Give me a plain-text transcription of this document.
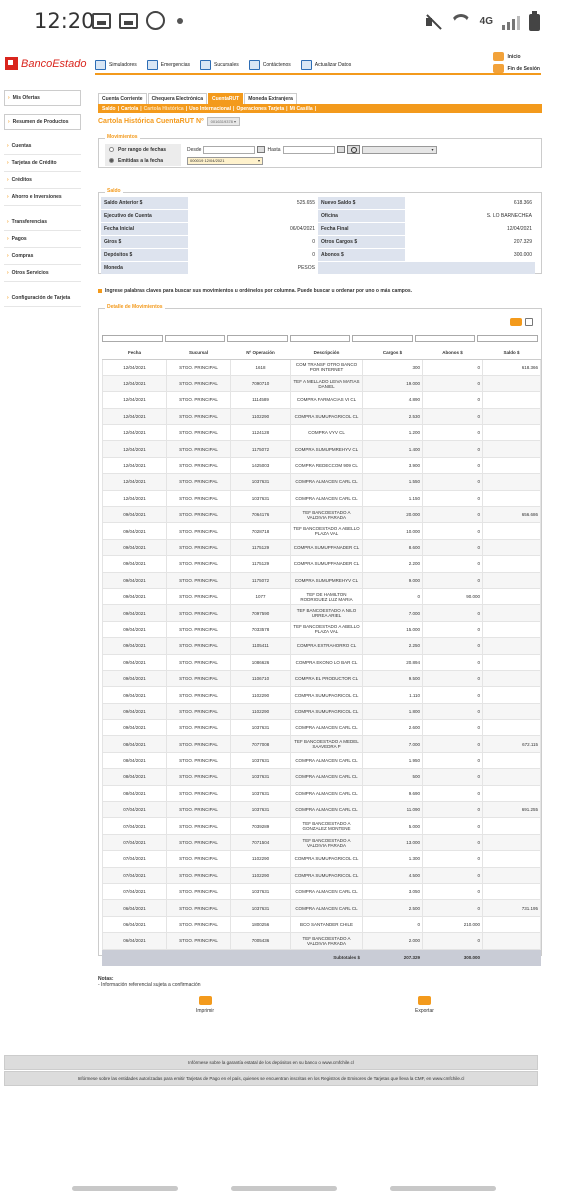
12:20	4G
BancoEstado	Simuladores	Emergencias	Sucursales	Contáctenos	Actualizar Datos
Inicio
Fin de Sesión
› Mis Ofertas
› Resumen de Productos
› Cuentas
› Tarjetas de Crédito
› Créditos
› Ahorro e Inversiones
› Transferencias
› Pagos
› Compras
› Otros Servicios
› Configuración de Tarjeta
Cuenta Corriente	Chequera Electrónica	CuentaRUT	Moneda Extranjera
Saldo | Cartola | Cartola Histórica | Uso Internacional | Operaciones Tarjeta | Mi Casilla |
Cartola Histórica CuentaRUT Nº	0016319378 ▾
Movimientos
Por rango de fechas
Emitidas a la fecha
Desde	Hasta	▾
000019 12/04/2021	▾
Saldo
Saldo Anterior $	525.655	Nuevo Saldo $	618.366
Ejecutivo de Cuenta	Oficina	S. LO BARNECHEA
Fecha Inicial	06/04/2021	Fecha Final	12/04/2021
Giros $	0	Otros Cargos $	207.329
Depósitos $	0	Abonos $	300.000
Moneda	PESOS
Ingrese palabras claves para buscar sus movimientos u ordénelos por columna. Puede buscar u ordenar por uno o más campos.
Detalle de Movimientos
Fecha	Sucursal	Nº Operación	Descripción	Cargos $	Abonos $	Saldo $
12/04/2021	STGO. PRINCIPAL	1618	COM TRANSF OTRO BANCO POR INTERNET	300	0	618.366
12/04/2021	STGO. PRINCIPAL	7090710	TEF A MELLADO LEIVA MATIAS DANIEL	19.000	0	
12/04/2021	STGO. PRINCIPAL	1114589	COMPRA FARMACIAS VI CL	4.890	0	
12/04/2021	STGO. PRINCIPAL	1102290	COMPRA SUMUPAGRICOL CL	2.530	0	
12/04/2021	STGO. PRINCIPAL	1124128	COMPRA VYV CL	1.200	0	
12/04/2021	STGO. PRINCIPAL	1175072	COMPRA SUMUPMREHYV CL	1.400	0	
12/04/2021	STGO. PRINCIPAL	1425003	COMPRA REDECCOM 909 CL	3.900	0	
12/04/2021	STGO. PRINCIPAL	1037631	COMPRA ALMACEN CARL CL	1.550	0	
12/04/2021	STGO. PRINCIPAL	1037631	COMPRA ALMACEN CARL CL	1.150	0	
09/04/2021	STGO. PRINCIPAL	7064176	TEF BANCOESTADO A VALDIVIA PARADA	20.000	0	656.686
09/04/2021	STGO. PRINCIPAL	7028718	TEF BANCOESTADO A ABELLO PLAZA VAL	10.000	0	
09/04/2021	STGO. PRINCIPAL	1175129	COMPRA SUMUPPANADER CL	8.600	0	
09/04/2021	STGO. PRINCIPAL	1175129	COMPRA SUMUPPANADER CL	2.200	0	
09/04/2021	STGO. PRINCIPAL	1175072	COMPRA SUMUPMREHYV CL	9.000	0	
09/04/2021	STGO. PRINCIPAL	1077	TEF DE HAMILTON RODRIGUEZ LUZ MARIA	0	90.000	
09/04/2021	STGO. PRINCIPAL	7097590	TEF BANCOESTADO A NILO URREA ARIEL	7.000	0	
09/04/2021	STGO. PRINCIPAL	7033578	TEF BANCOESTADO A ABELLO PLAZA VAL	15.000	0	
09/04/2021	STGO. PRINCIPAL	1105411	COMPRA EXTRAHORRO CL	2.250	0	
09/04/2021	STGO. PRINCIPAL	1086626	COMPRA EKONO LO BAR CL	20.894	0	
09/04/2021	STGO. PRINCIPAL	1106710	COMPRA EL PRODUCTOR CL	9.500	0	
09/04/2021	STGO. PRINCIPAL	1102290	COMPRA SUMUPAGRICOL CL	1.110	0	
09/04/2021	STGO. PRINCIPAL	1102290	COMPRA SUMUPAGRICOL CL	1.800	0	
09/04/2021	STGO. PRINCIPAL	1037631	COMPRA ALMACEN CARL CL	2.600	0	
08/04/2021	STGO. PRINCIPAL	7077008	TEF BANCOESTADO A MEDEL SAAVEDRA P	7.000	0	672.115
08/04/2021	STGO. PRINCIPAL	1037631	COMPRA ALMACEN CARL CL	1.950	0	
08/04/2021	STGO. PRINCIPAL	1037631	COMPRA ALMACEN CARL CL	500	0	
08/04/2021	STGO. PRINCIPAL	1037631	COMPRA ALMACEN CARL CL	9.690	0	
07/04/2021	STGO. PRINCIPAL	1037631	COMPRA ALMACEN CARL CL	11.090	0	691.255
07/04/2021	STGO. PRINCIPAL	7039289	TEF BANCOESTADO A GONZALEZ MONTENE	5.000	0	
07/04/2021	STGO. PRINCIPAL	7071504	TEF BANCOESTADO A VALDIVIA PARADA	13.000	0	
07/04/2021	STGO. PRINCIPAL	1102290	COMPRA SUMUPAGRICOL CL	1.300	0	
07/04/2021	STGO. PRINCIPAL	1102290	COMPRA SUMUPAGRICOL CL	4.500	0	
07/04/2021	STGO. PRINCIPAL	1037631	COMPRA ALMACEN CARL CL	3.050	0	
06/04/2021	STGO. PRINCIPAL	1037631	COMPRA ALMACEN CARL CL	2.500	0	731.195
06/04/2021	STGO. PRINCIPAL	1800256	BCO SANTANDER CHILE	0	210.000	
06/04/2021	STGO. PRINCIPAL	7005436	TEF BANCOESTADO A VALDIVIA PARADA	2.000	0	
			Subtotales $	207.329	300.000	
Notas:
- Información referencial sujeta a confirmación
Imprimir	Exportar
Infórmese sobre la garantía estatal de los depósitos en su banco o www.cmfchile.cl
Infórmese sobre las entidades autorizadas para emitir Tarjetas de Pago en el país, quienes se encuentran inscritas en los Registros de Emisores de Tarjetas que lleva la CMF, en www.cmfchile.cl
